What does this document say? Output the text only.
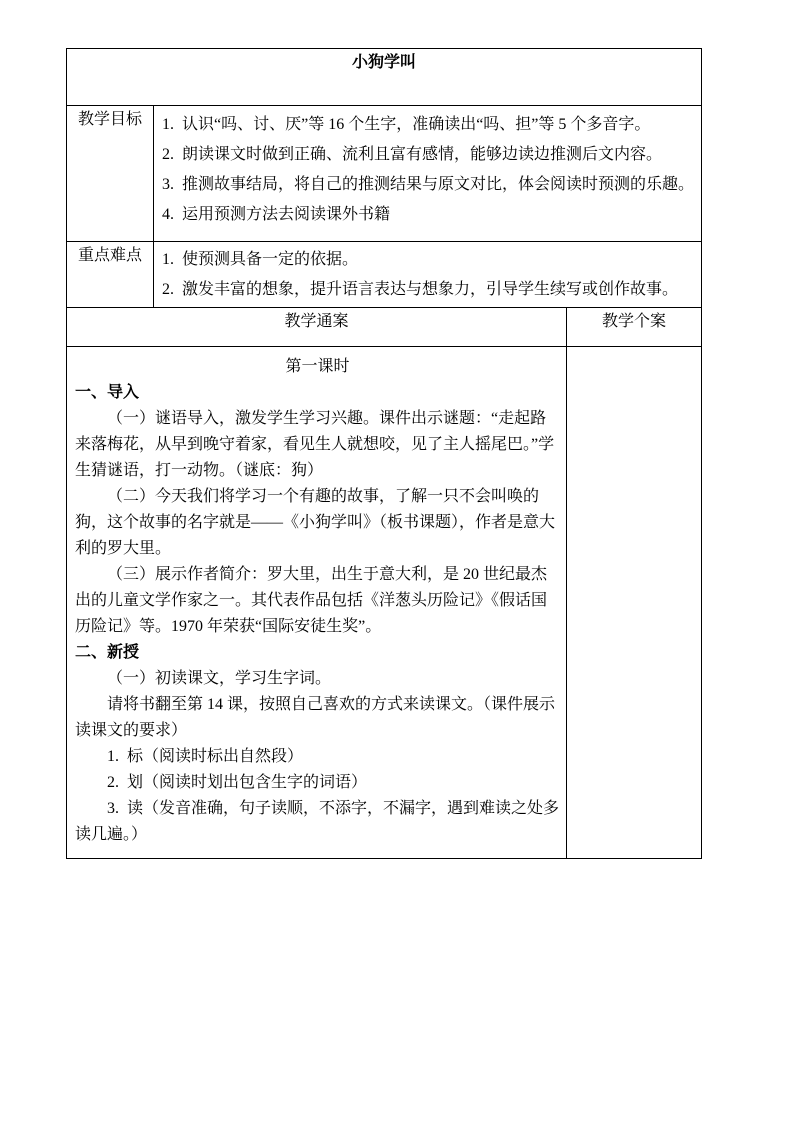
小狗学叫		
教学目标	1.  认识“吗、讨、厌”等 16 个生字，准确读出“吗、担”等 5 个多音字。

2.  朗读课文时做到正确、流利且富有感情，能够边读边推测后文内容。

3.  推测故事结局，将自己的推测结果与原文对比，体会阅读时预测的乐趣。

4.  运用预测方法去阅读课外书籍	

重点难点	1.  使预测具备一定的依据。

2.  激发丰富的想象，提升语言表达与想象力，引导学生续写或创作故事。	

教学通案		教学个案

第一课时

一、导入

（一）谜语导入，激发学生学习兴趣。课件出示谜题：“走起路来落梅花，从早到晚守着家，看见生人就想咬，见了主人摇尾巴。”学生猜谜语，打一动物。（谜底：狗）

（二）今天我们将学习一个有趣的故事，了解一只不会叫唤的狗，这个故事的名字就是——《小狗学叫》（板书课题），作者是意大利的罗大里。

（三）展示作者简介：罗大里，出生于意大利，是 20 世纪最杰出的儿童文学作家之一。其代表作品包括《洋葱头历险记》《假话国历险记》等。1970 年荣获“国际安徒生奖”。

二、新授

（一）初读课文，学习生字词。

请将书翻至第 14 课，按照自己喜欢的方式来读课文。（课件展示读课文的要求）

1.  标（阅读时标出自然段）

2.  划（阅读时划出包含生字的词语）

3.  读（发音准确，句子读顺，不添字，不漏字，遇到难读之处多读几遍。）
